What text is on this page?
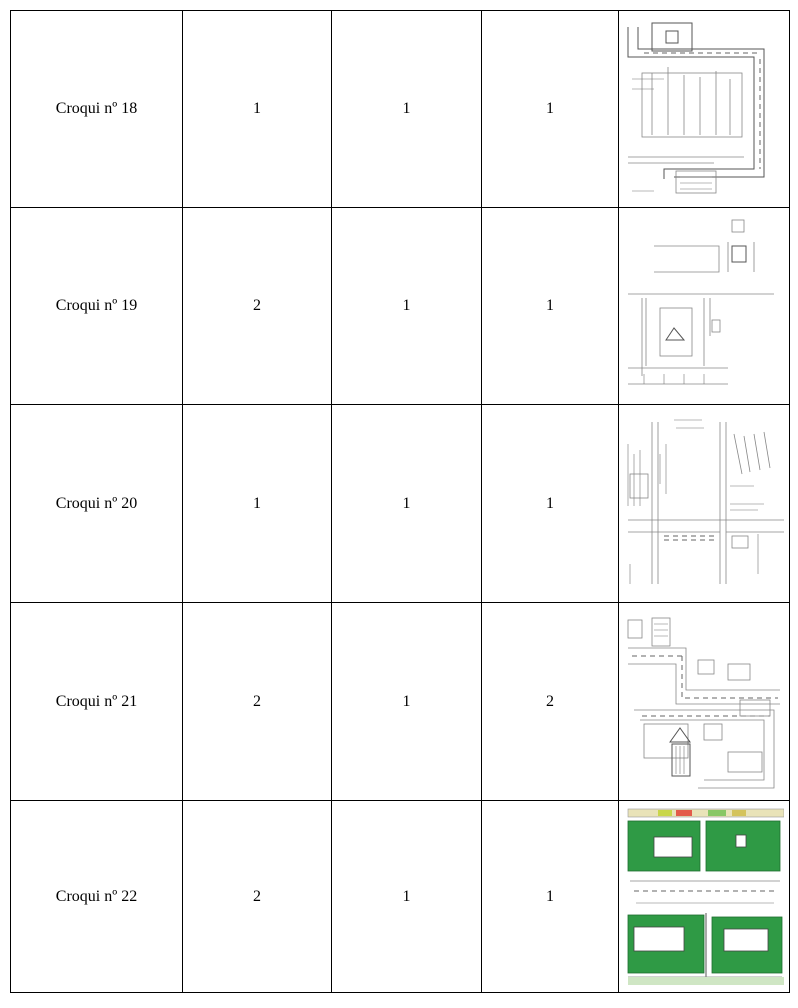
Croqui nº 18	1	1	1	

Croqui nº 19	2	1	1	

Croqui nº 20	1	1	1	

Croqui nº 21	2	1	2	

Croqui nº 22	2	1	1	
